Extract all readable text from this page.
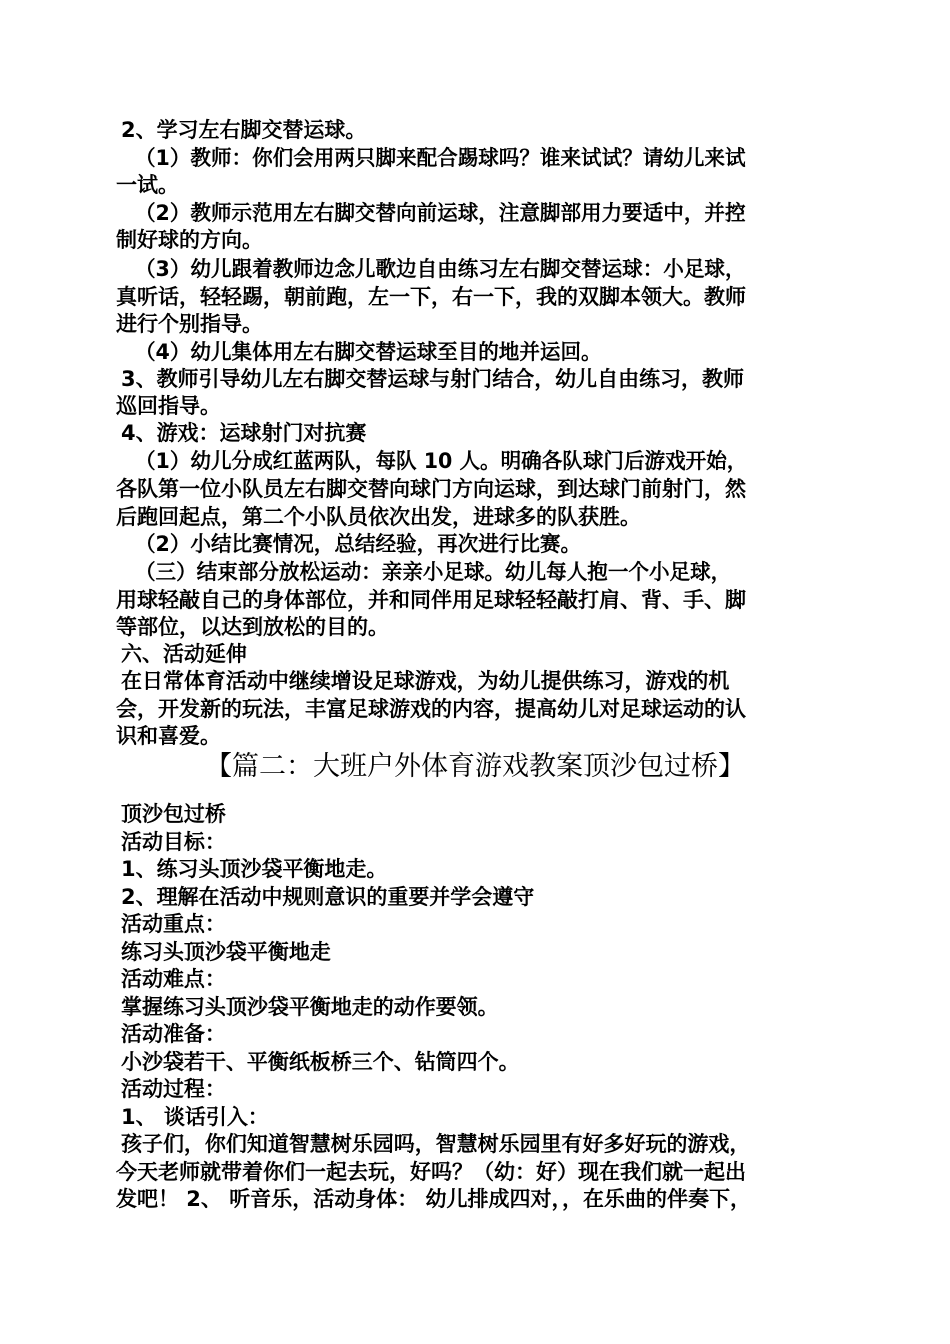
2、学习左右脚交替运球。
（1）教师：你们会用两只脚来配合踢球吗？谁来试试？请幼儿来试
一试。
（2）教师示范用左右脚交替向前运球，注意脚部用力要适中，并控
制好球的方向。
（3）幼儿跟着教师边念儿歌边自由练习左右脚交替运球：小足球，
真听话，轻轻踢，朝前跑，左一下，右一下，我的双脚本领大。教师
进行个别指导。
（4）幼儿集体用左右脚交替运球至目的地并运回。
3、教师引导幼儿左右脚交替运球与射门结合，幼儿自由练习，教师
巡回指导。
4、游戏：运球射门对抗赛
（1）幼儿分成红蓝两队，每队 10 人。明确各队球门后游戏开始，
各队第一位小队员左右脚交替向球门方向运球，到达球门前射门，然
后跑回起点，第二个小队员依次出发，进球多的队获胜。
（2）小结比赛情况，总结经验，再次进行比赛。
（三）结束部分放松运动：亲亲小足球。幼儿每人抱一个小足球，
用球轻敲自己的身体部位，并和同伴用足球轻轻敲打肩、背、手、脚
等部位，以达到放松的目的。
六、活动延伸
在日常体育活动中继续增设足球游戏，为幼儿提供练习，游戏的机
会，开发新的玩法，丰富足球游戏的内容，提高幼儿对足球运动的认
识和喜爱。
【篇二：大班户外体育游戏教案顶沙包过桥】
顶沙包过桥
活动目标：
1、练习头顶沙袋平衡地走。
2、理解在活动中规则意识的重要并学会遵守
活动重点：
练习头顶沙袋平衡地走
活动难点：
掌握练习头顶沙袋平衡地走的动作要领。
活动准备：
小沙袋若干、平衡纸板桥三个、钻筒四个。
活动过程：
1、 谈话引入：
孩子们，你们知道智慧树乐园吗，智慧树乐园里有好多好玩的游戏，
今天老师就带着你们一起去玩，好吗？（幼：好）现在我们就一起出
发吧！ 2、 听音乐，活动身体： 幼儿排成四对，，在乐曲的伴奏下，
